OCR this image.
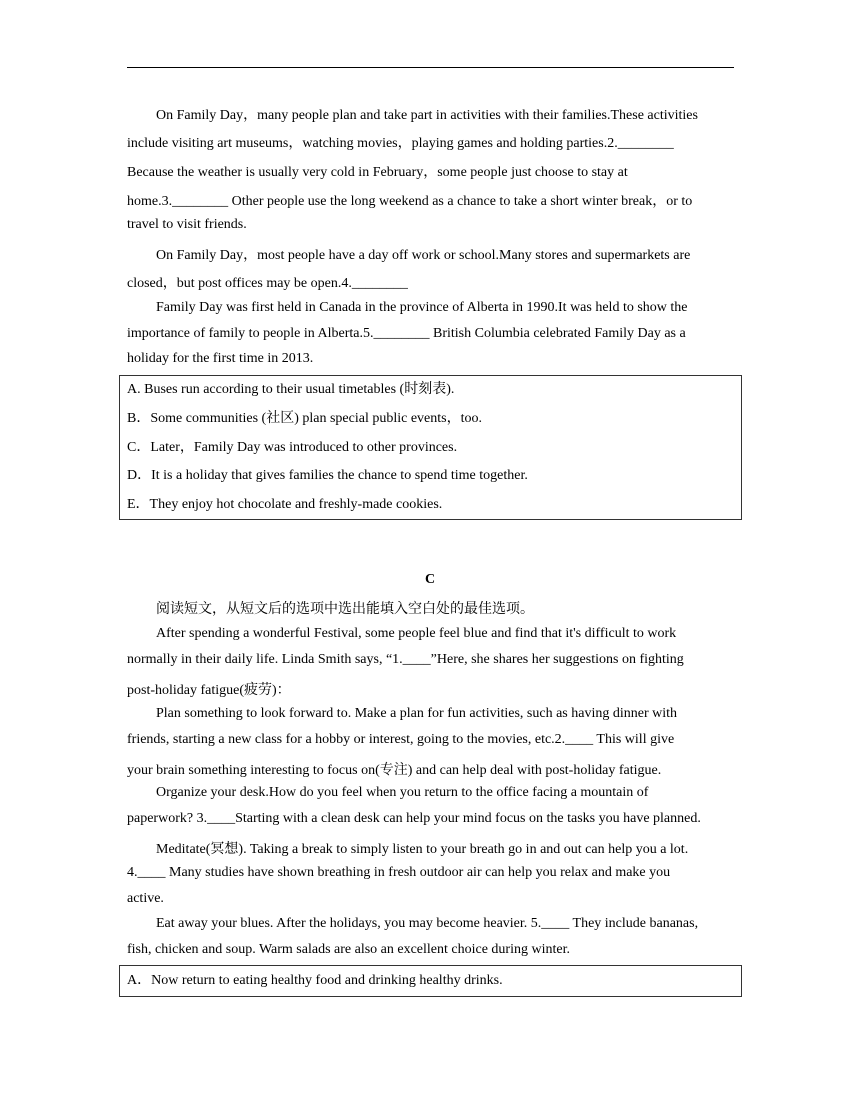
On Family Day，many people plan and take part in activities with their families.These activities
include visiting art museums，watching movies，playing games and holding parties.2.________
Because the weather is usually very cold in February，some people just choose to stay at
home.3.________ Other people use the long weekend as a chance to take a short winter break，or to
travel to visit friends.
On Family Day，most people have a day off work or school.Many stores and supermarkets are
closed，but post offices may be open.4.________
Family Day was first held in Canada in the province of Alberta in 1990.It was held to show the
importance of family to people in Alberta.5.________ British Columbia celebrated Family Day as a
holiday for the first time in 2013.
A. Buses run according to their usual timetables (时刻表).
B．Some communities (社区) plan special public events，too.
C．Later，Family Day was introduced to other provinces.
D．It is a holiday that gives families the chance to spend time together.
E．They enjoy hot chocolate and freshly-made cookies.
C
阅读短文，从短文后的选项中选出能填入空白处的最佳选项。
After spending a wonderful Festival, some people feel blue and find that it's difficult to work
normally in their daily life. Linda Smith says, “1.____”Here, she shares her suggestions on fighting
post-holiday fatigue(疲劳)：
Plan something to look forward to. Make a plan for fun activities, such as having dinner with
friends, starting a new class for a hobby or interest, going to the movies, etc.2.____ This will give
your brain something interesting to focus on(专注) and can help deal with post-holiday fatigue.
Organize your desk.How do you feel when you return to the office facing a mountain of
paperwork? 3.____Starting with a clean desk can help your mind focus on the tasks you have planned.
Meditate(冥想). Taking a break to simply listen to your breath go in and out can help you a lot.
4.____ Many studies have shown breathing in fresh outdoor air can help you relax and make you
active.
Eat away your blues. After the holidays, you may become heavier. 5.____ They include bananas,
fish, chicken and soup. Warm salads are also an excellent choice during winter.
A．Now return to eating healthy food and drinking healthy drinks.
